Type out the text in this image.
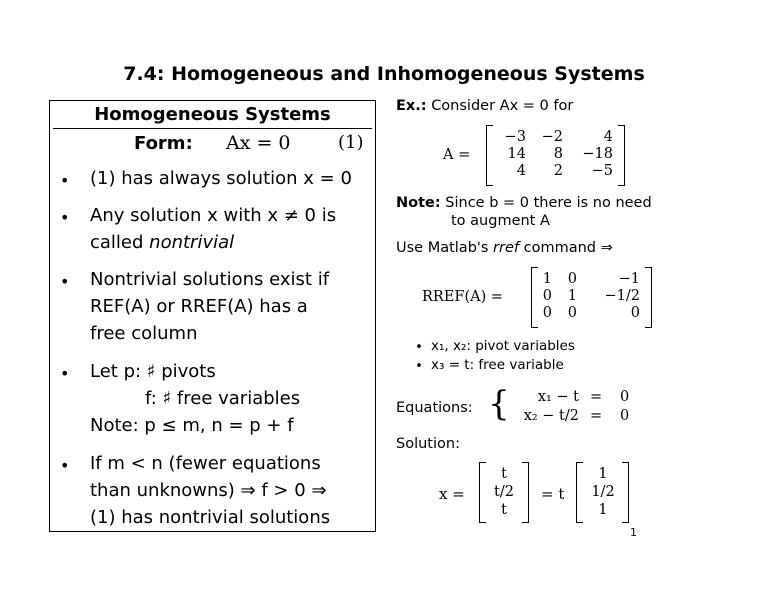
7.4: Homogeneous and Inhomogeneous Systems
Homogeneous Systems
Form: Ax = 0	(1)
• (1) has always solution x = 0
• Any solution x with x ≠ 0 is
called nontrivial
• Nontrivial solutions exist if
REF(A) or RREF(A) has a
free column
• Let p: ♯ pivots
f: ♯ free variables
Note: p ≤ m, n = p + f
• If m < n (fewer equations
than unknowns) ⇒ f > 0 ⇒
(1) has nontrivial solutions
Ex.: Consider Ax = 0 for
A =
−3	−2	4
14	8	−18
4	2	−5
Note: Since b = 0 there is no need
to augment A
Use Matlab's rref command ⇒
RREF(A) =
1	0	−1
0	1	−1/2
0	0	0
• x₁, x₂: pivot variables
• x₃ = t: free variable
Equations: {	x₁ − t = 0
x₂ − t/2 = 0
Solution:
x =
t
t/2
t
= t
1
1/2
1
1
